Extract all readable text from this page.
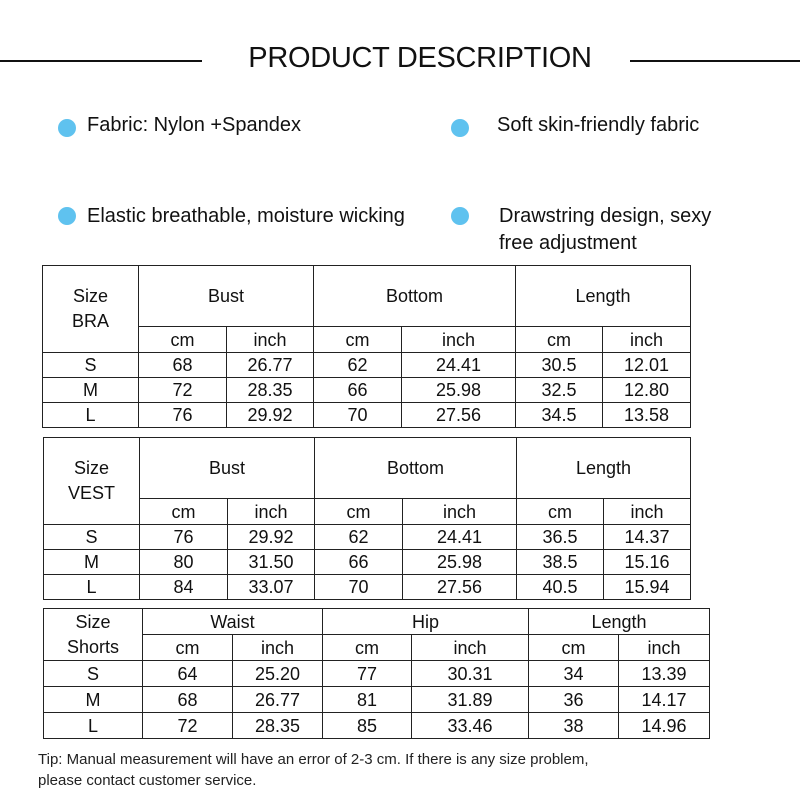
PRODUCT DESCRIPTION
Fabric: Nylon +Spandex	Soft skin-friendly fabric
Elastic breathable, moisture wicking	Drawstring design, sexy
free adjustment
Size
BRA	Bust		Bottom		Length	
	cm	inch	cm	inch	cm	inch
S	68	26.77	62	24.41	30.5	12.01
M	72	28.35	66	25.98	32.5	12.80
L	76	29.92	70	27.56	34.5	13.58
Size
VEST	Bust		Bottom		Length	
	cm	inch	cm	inch	cm	inch
S	76	29.92	62	24.41	36.5	14.37
M	80	31.50	66	25.98	38.5	15.16
L	84	33.07	70	27.56	40.5	15.94
Size
Shorts	Waist		Hip		Length	
	cm	inch	cm	inch	cm	inch
S	64	25.20	77	30.31	34	13.39
M	68	26.77	81	31.89	36	14.17
L	72	28.35	85	33.46	38	14.96
Tip: Manual measurement will have an error of 2-3 cm. If there is any size problem,
please contact customer service.
